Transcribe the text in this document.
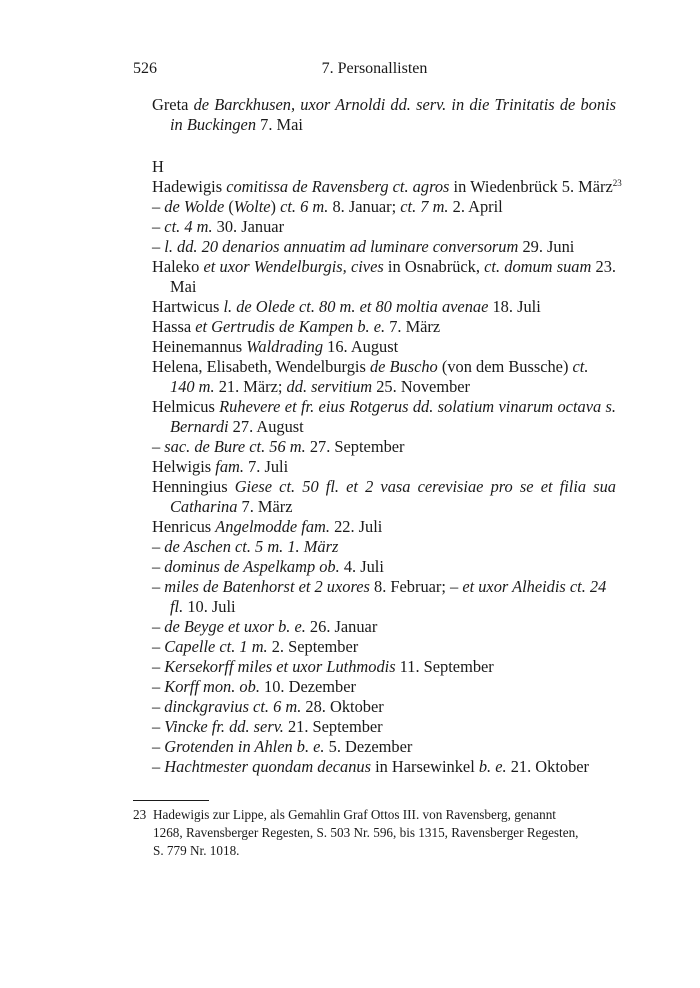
526	7. Personallisten
Greta de Barckhusen, uxor Arnoldi dd. serv. in die Trinitatis de bonis in Buckingen 7. Mai
H
Hadewigis comitissa de Ravensberg ct. agros in Wiedenbrück 5. März$^{23}$
– de Wolde (Wolte) ct. 6 m. 8. Januar; ct. 7 m. 2. April
– ct. 4 m. 30. Januar
– l. dd. 20 denarios annuatim ad luminare conversorum 29. Juni
Haleko et uxor Wendelburgis, cives in Osnabrück, ct. domum suam 23. Mai
Hartwicus l. de Olede ct. 80 m. et 80 moltia avenae 18. Juli
Hassa et Gertrudis de Kampen b. e. 7. März
Heinemannus Waldrading 16. August
Helena, Elisabeth, Wendelburgis de Buscho (von dem Bussche) ct. 140 m. 21. März; dd. servitium 25. November
Helmicus Ruhevere et fr. eius Rotgerus dd. solatium vinarum octava s. Bernardi 27. August
– sac. de Bure ct. 56 m. 27. September
Helwigis fam. 7. Juli
Henningius Giese ct. 50 fl. et 2 vasa cerevisiae pro se et filia sua Catharina 7. März
Henricus Angelmodde fam. 22. Juli
– de Aschen ct. 5 m. 1. März
– dominus de Aspelkamp ob. 4. Juli
– miles de Batenhorst et 2 uxores 8. Februar; – et uxor Alheidis ct. 24 fl. 10. Juli
– de Beyge et uxor b. e. 26. Januar
– Capelle ct. 1 m. 2. September
– Kersekorff miles et uxor Luthmodis 11. September
– Korff mon. ob. 10. Dezember
– dinckgravius ct. 6 m. 28. Oktober
– Vincke fr. dd. serv. 21. September
– Grotenden in Ahlen b. e. 5. Dezember
– Hachtmester quondam decanus in Harsewinkel b. e. 21. Oktober
23 Hadewigis zur Lippe, als Gemahlin Graf Ottos III. von Ravensberg, genannt
1268, Ravensberger Regesten, S. 503 Nr. 596, bis 1315, Ravensberger Regesten,
S. 779 Nr. 1018.
